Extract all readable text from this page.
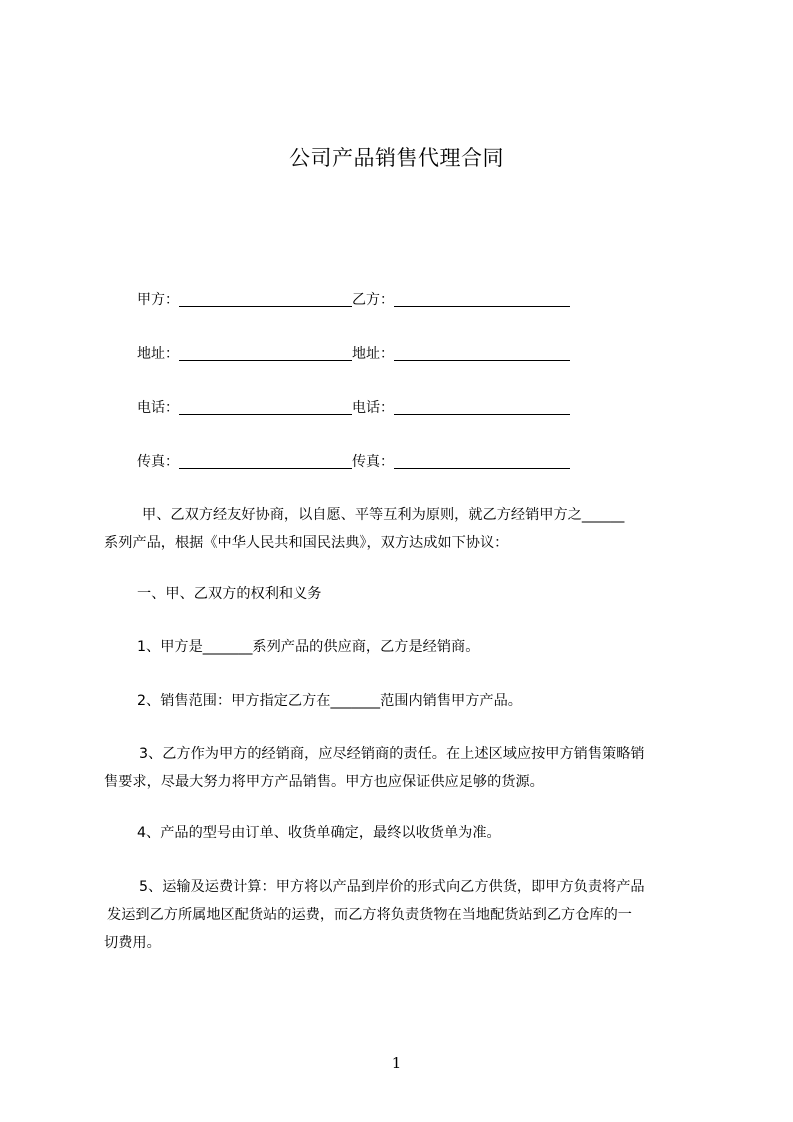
公司产品销售代理合同
甲方：	乙方：
地址：	地址：
电话：	电话：
传真：	传真：
甲、乙双方经友好协商，以自愿、平等互利为原则，就乙方经销甲方之______
系列产品，根据《中华人民共和国民法典》，双方达成如下协议：
一、甲、乙双方的权利和义务
1、甲方是_______系列产品的供应商，乙方是经销商。
2、销售范围：甲方指定乙方在_______范围内销售甲方产品。
3、乙方作为甲方的经销商，应尽经销商的责任。在上述区域应按甲方销售策略销
售要求，尽最大努力将甲方产品销售。甲方也应保证供应足够的货源。
4、产品的型号由订单、收货单确定，最终以收货单为准。
5、运输及运费计算：甲方将以产品到岸价的形式向乙方供货，即甲方负责将产品
发运到乙方所属地区配货站的运费，而乙方将负责货物在当地配货站到乙方仓库的一
切费用。
1
